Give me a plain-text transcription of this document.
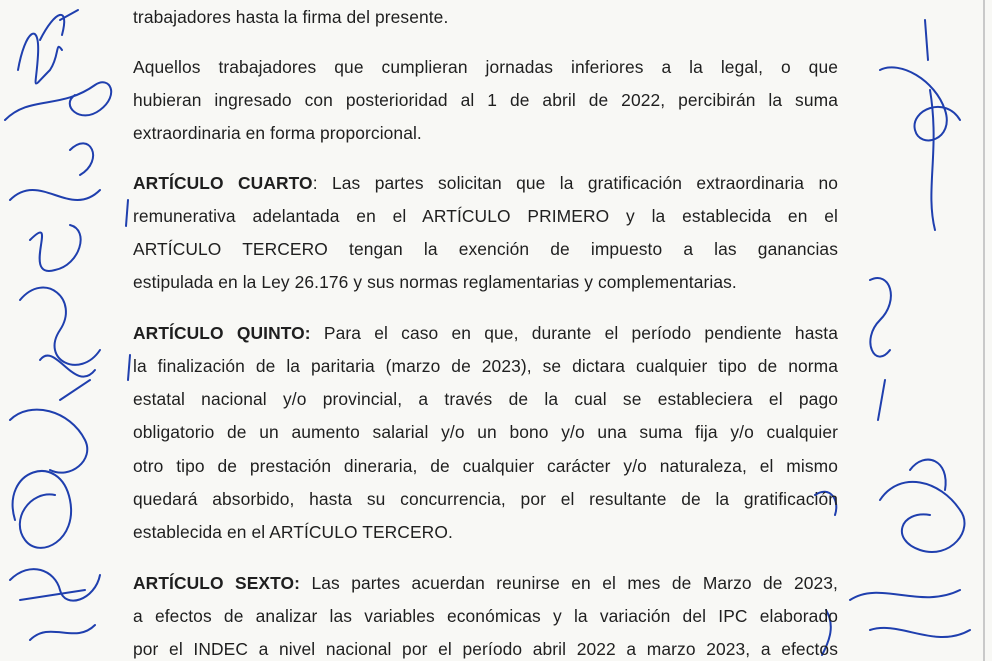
trabajadores hasta la firma del presente.
Aquellos trabajadores que cumplieran jornadas inferiores a la legal, o que
hubieran ingresado con posterioridad al 1 de abril de 2022, percibirán la suma
extraordinaria en forma proporcional.
ARTÍCULO CUARTO: Las partes solicitan que la gratificación extraordinaria no
remunerativa adelantada en el ARTÍCULO PRIMERO y la establecida en el
ARTÍCULO TERCERO tengan la exención de impuesto a las ganancias
estipulada en la Ley 26.176 y sus normas reglamentarias y complementarias.
ARTÍCULO QUINTO: Para el caso en que, durante el período pendiente hasta
la finalización de la paritaria (marzo de 2023), se dictara cualquier tipo de norma
estatal nacional y/o provincial, a través de la cual se estableciera el pago
obligatorio de un aumento salarial y/o un bono y/o una suma fija y/o cualquier
otro tipo de prestación dineraria, de cualquier carácter y/o naturaleza, el mismo
quedará absorbido, hasta su concurrencia, por el resultante de la gratificación
establecida en el ARTÍCULO TERCERO.
ARTÍCULO SEXTO: Las partes acuerdan reunirse en el mes de Marzo de 2023,
a efectos de analizar las variables económicas y la variación del IPC elaborado
por el INDEC a nivel nacional por el período abril 2022 a marzo 2023, a efectos
